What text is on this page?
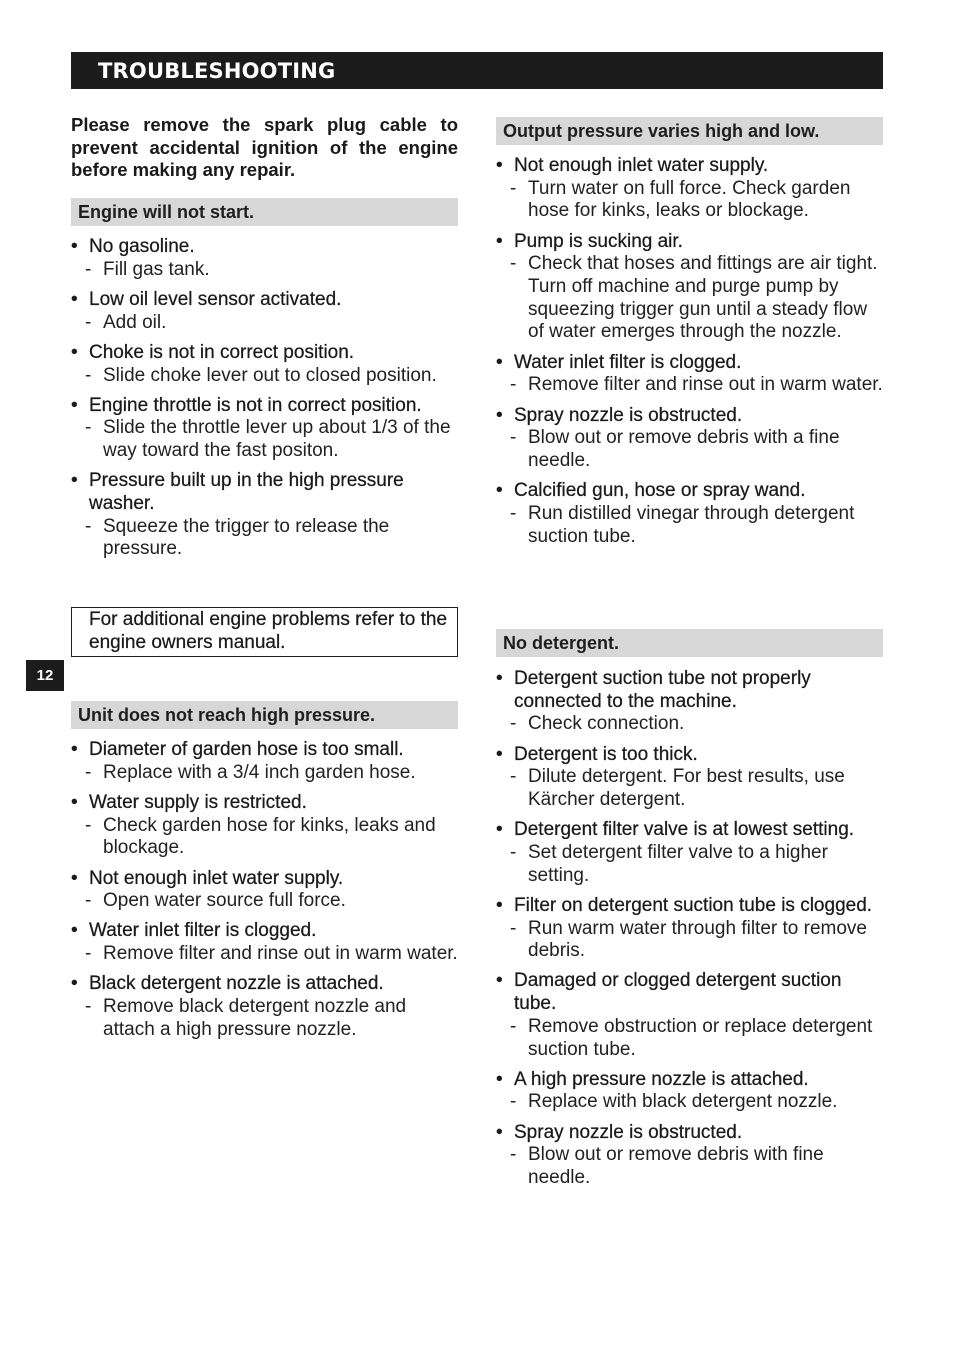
TROUBLESHOOTING
12
Please remove the spark plug cable to prevent accidental ignition of the engine before making any repair.
Engine will not start.
• No gasoline.
- Fill gas tank.
• Low oil level sensor activated.
- Add oil.
• Choke is not in correct position.
- Slide choke lever out to closed position.
• Engine throttle is not in correct position.
- Slide the throttle lever up about 1/3 of the way toward the fast positon.
• Pressure built up in the high pressure washer.
- Squeeze the trigger to release the pressure.
For additional engine problems refer to the engine owners manual.
Unit does not reach high pressure.
• Diameter of garden hose is too small.
- Replace with a 3/4 inch garden hose.
• Water supply is restricted.
- Check garden hose for kinks, leaks and blockage.
• Not enough inlet water supply.
- Open water source full force.
• Water inlet filter is clogged.
- Remove filter and rinse out in warm water.
• Black detergent nozzle is attached.
- Remove black detergent nozzle and attach a high pressure nozzle.
Output pressure varies high and low.
• Not enough inlet water supply.
- Turn water on full force. Check garden hose for kinks, leaks or blockage.
• Pump is sucking air.
- Check that hoses and fittings are air tight. Turn off machine and purge pump by squeezing trigger gun until a steady flow of water emerges through the nozzle.
• Water inlet filter is clogged.
- Remove filter and rinse out in warm water.
• Spray nozzle is obstructed.
- Blow out or remove debris with a fine needle.
• Calcified gun, hose or spray wand.
- Run distilled vinegar through detergent suction tube.
No detergent.
• Detergent suction tube not properly connected to the machine.
- Check connection.
• Detergent is too thick.
- Dilute detergent. For best results, use Kärcher detergent.
• Detergent filter valve is at lowest setting.
- Set detergent filter valve to a higher setting.
• Filter on detergent suction tube is clogged.
- Run warm water through filter to remove debris.
• Damaged or clogged detergent suction tube.
- Remove obstruction or replace detergent suction tube.
• A high pressure nozzle is attached.
- Replace with black detergent nozzle.
• Spray nozzle is obstructed.
- Blow out or remove debris with fine needle.
